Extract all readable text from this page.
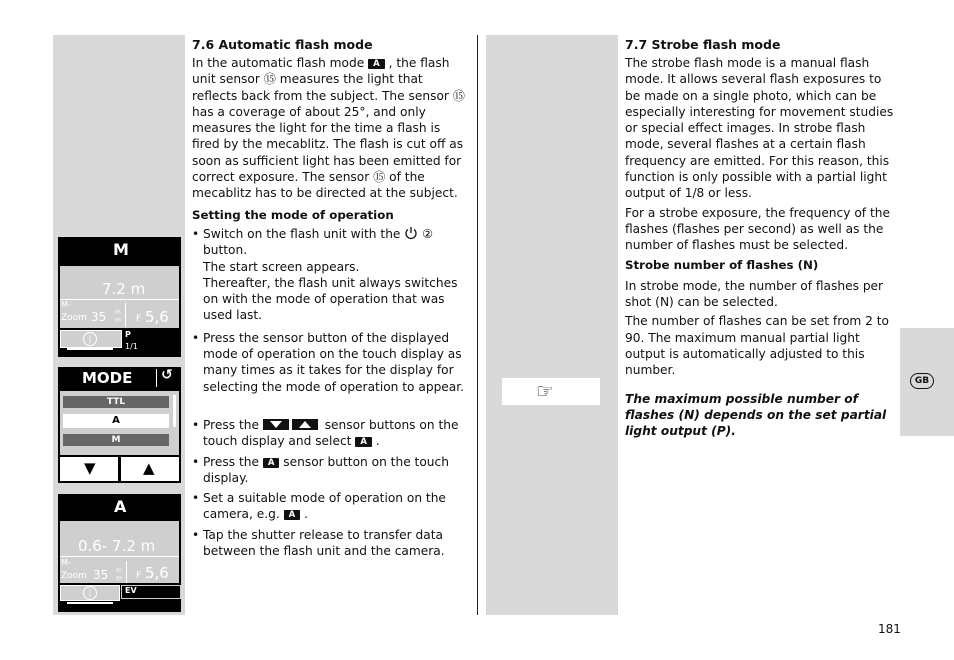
M
7.2 m
M-
Zoom 35 m
m F 5,6
|	P
1/1
MODE ↺
TTL
A
M
▼	▲
A
0.6- 7.2 m
M-
Zoom 35 m
m F 5,6
|	EV
7.6 Automatic flash mode

In the automatic flash mode A , the flash unit sensor ⑮ measures the light that reflects back from the subject. The sensor ⑮ has a coverage of about 25°, and only measures the light for the time a flash is fired by the mecablitz. The flash is cut off as soon as sufficient light has been emitted for correct exposure. The sensor ⑮ of the mecablitz has to be directed at the subject.

Setting the mode of operation

• Switch on the flash unit with the ②
button.
The start screen appears.
Thereafter, the flash unit always switches on with the mode of operation that was used last.
• Press the sensor button of the displayed mode of operation on the touch display as many times as it takes for the display for selecting the mode of operation to appear.
• Press the	sensor buttons on the touch display and select A .
• Press the A sensor button on the touch display.
• Set a suitable mode of operation on the camera, e.g. A .
• Tap the shutter release to transfer data between the flash unit and the camera.
☞
7.7 Strobe flash mode

The strobe flash mode is a manual flash mode. It allows several flash exposures to be made on a single photo, which can be especially interesting for movement studies or special effect images. In strobe flash mode, several flashes at a certain flash frequency are emitted. For this reason, this function is only possible with a partial light output of 1/8 or less.

For a strobe exposure, the frequency of the flashes (flashes per second) as well as the number of flashes must be selected.

Strobe number of flashes (N)

In strobe mode, the number of flashes per shot (N) can be selected.

The number of flashes can be set from 2 to 90. The maximum manual partial light output is automatically adjusted to this number.

The maximum possible number of flashes (N) depends on the set partial light output (P).

GB
181
